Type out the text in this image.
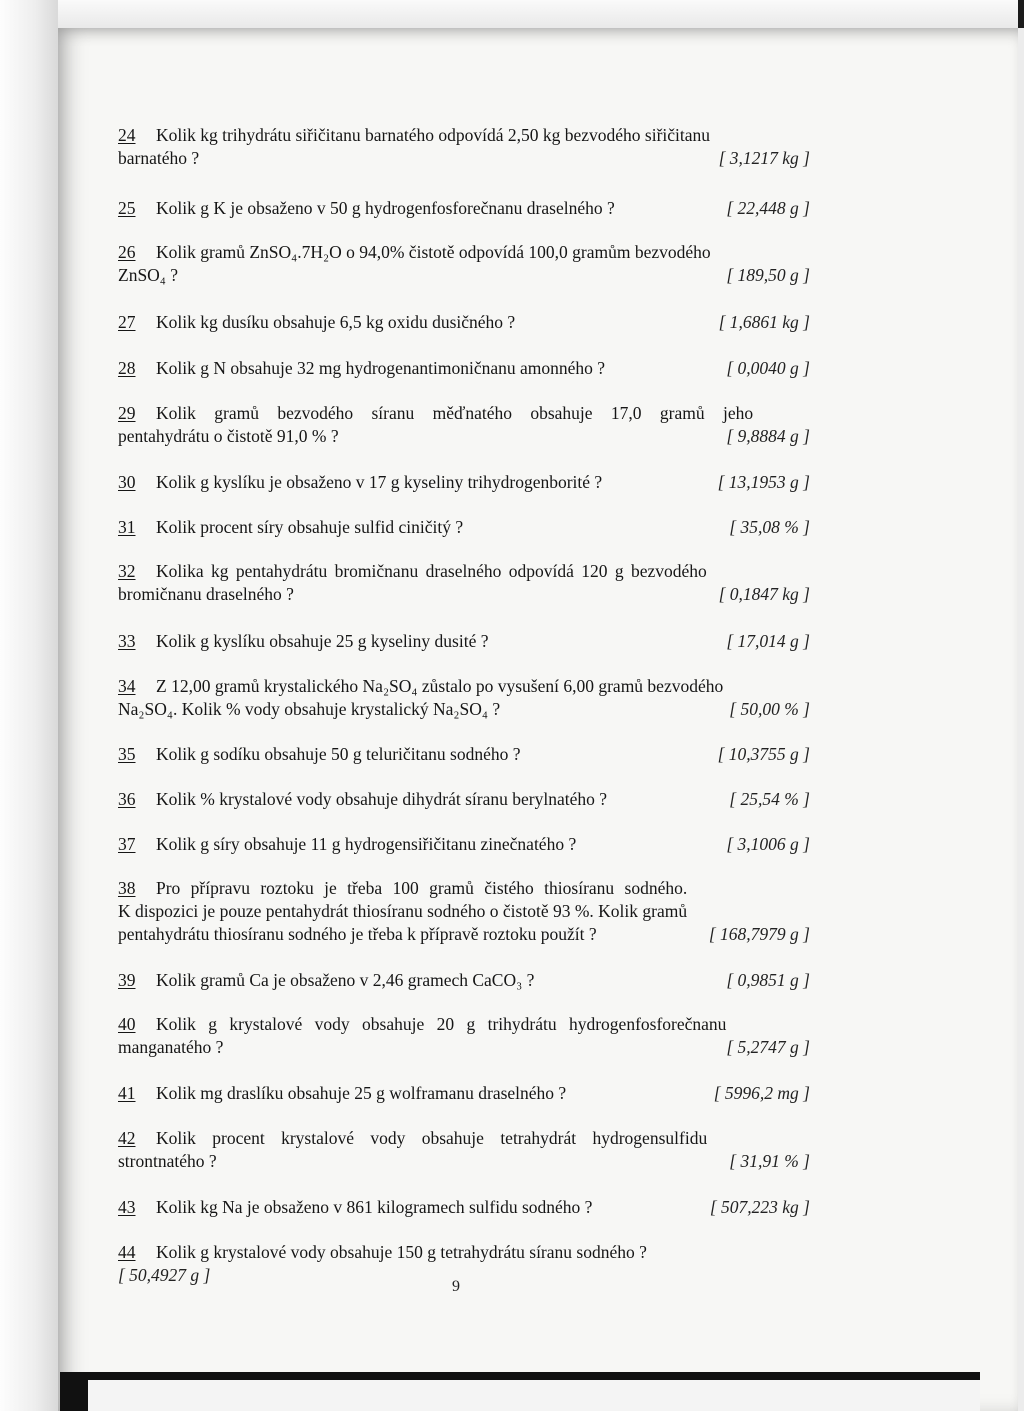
24 Kolik kg trihydrátu siřičitanu barnatého odpovídá 2,50 kg bezvodého siřičitanu
barnatého ?	[ 3,1217 kg ]
25 Kolik g K je obsaženo v 50 g hydrogenfosforečnanu draselného ?	[ 22,448 g ]
26 Kolik gramů ZnSO₄.7H₂O o 94,0% čistotě odpovídá 100,0 gramům bezvodého
ZnSO₄ ?	[ 189,50 g ]
27 Kolik kg dusíku obsahuje 6,5 kg oxidu dusičného ?	[ 1,6861 kg ]
28 Kolik g N obsahuje 32 mg hydrogenantimoničnanu amonného ?	[ 0,0040 g ]
29 Kolik gramů bezvodého síranu měďnatého obsahuje 17,0 gramů jeho
pentahydrátu o čistotě 91,0 % ?	[ 9,8884 g ]
30 Kolik g kyslíku je obsaženo v 17 g kyseliny trihydrogenborité ?	[ 13,1953 g ]
31 Kolik procent síry obsahuje sulfid ciničitý ?	[ 35,08 % ]
32 Kolika kg pentahydrátu bromičnanu draselného odpovídá 120 g bezvodého
bromičnanu draselného ?	[ 0,1847 kg ]
33 Kolik g kyslíku obsahuje 25 g kyseliny dusité ?	[ 17,014 g ]
34 Z 12,00 gramů krystalického Na₂SO₄ zůstalo po vysušení 6,00 gramů bezvodého
Na₂SO₄. Kolik % vody obsahuje krystalický Na₂SO₄ ?	[ 50,00 % ]
35 Kolik g sodíku obsahuje 50 g teluričitanu sodného ?	[ 10,3755 g ]
36 Kolik % krystalové vody obsahuje dihydrát síranu berylnatého ?	[ 25,54 % ]
37 Kolik g síry obsahuje 11 g hydrogensiřičitanu zinečnatého ?	[ 3,1006 g ]
38 Pro přípravu roztoku je třeba 100 gramů čistého thiosíranu sodného.
K dispozici je pouze pentahydrát thiosíranu sodného o čistotě 93 %. Kolik gramů
pentahydrátu thiosíranu sodného je třeba k přípravě roztoku použít ?	[ 168,7979 g ]
39 Kolik gramů Ca je obsaženo v 2,46 gramech CaCO₃ ?	[ 0,9851 g ]
40 Kolik g krystalové vody obsahuje 20 g trihydrátu hydrogenfosforečnanu
manganatého ?	[ 5,2747 g ]
41 Kolik mg draslíku obsahuje 25 g wolframanu draselného ?	[ 5996,2 mg ]
42 Kolik procent krystalové vody obsahuje tetrahydrát hydrogensulfidu
strontnatého ?	[ 31,91 % ]
43 Kolik kg Na je obsaženo v 861 kilogramech sulfidu sodného ?	[ 507,223 kg ]
44 Kolik g krystalové vody obsahuje 150 g tetrahydrátu síranu sodného ?
[ 50,4927 g ]
9
